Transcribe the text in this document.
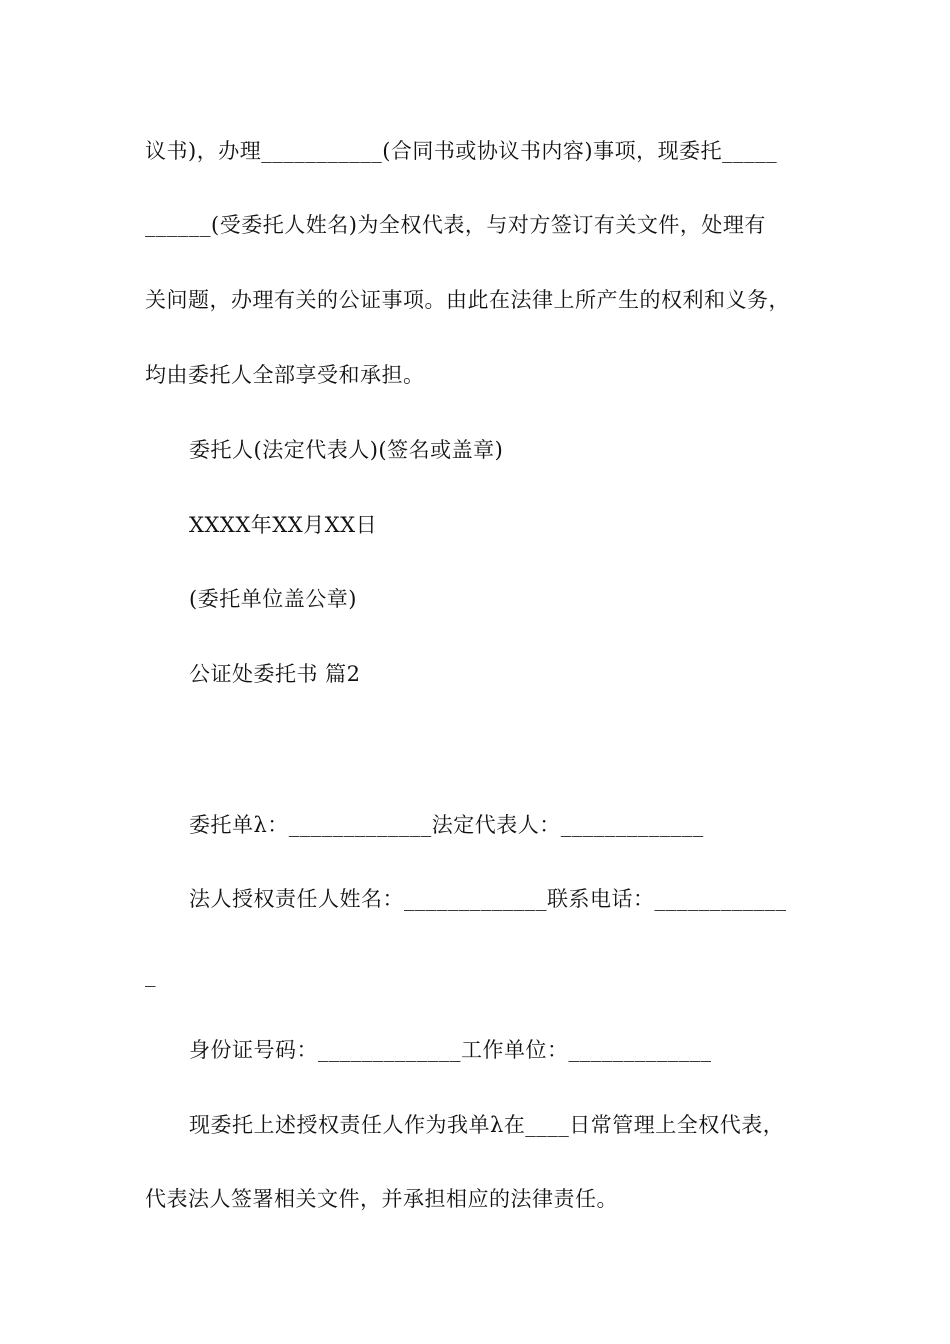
议书)，办理___________(合同书或协议书内容)事项，现委托_____
______(受委托人姓名)为全权代表，与对方签订有关文件，处理有
关问题，办理有关的公证事项。由此在法律上所产生的权利和义务，
均由委托人全部享受和承担。
委托人(法定代表人)(签名或盖章)
XXXX年XX月XX日
(委托单位盖公章)
公证处委托书 篇2
委托单λ：_____________法定代表人：_____________
法人授权责任人姓名：_____________联系电话：____________
_
身份证号码：_____________工作单位：_____________
现委托上述授权责任人作为我单λ在____日常管理上全权代表，
代表法人签署相关文件，并承担相应的法律责任。
